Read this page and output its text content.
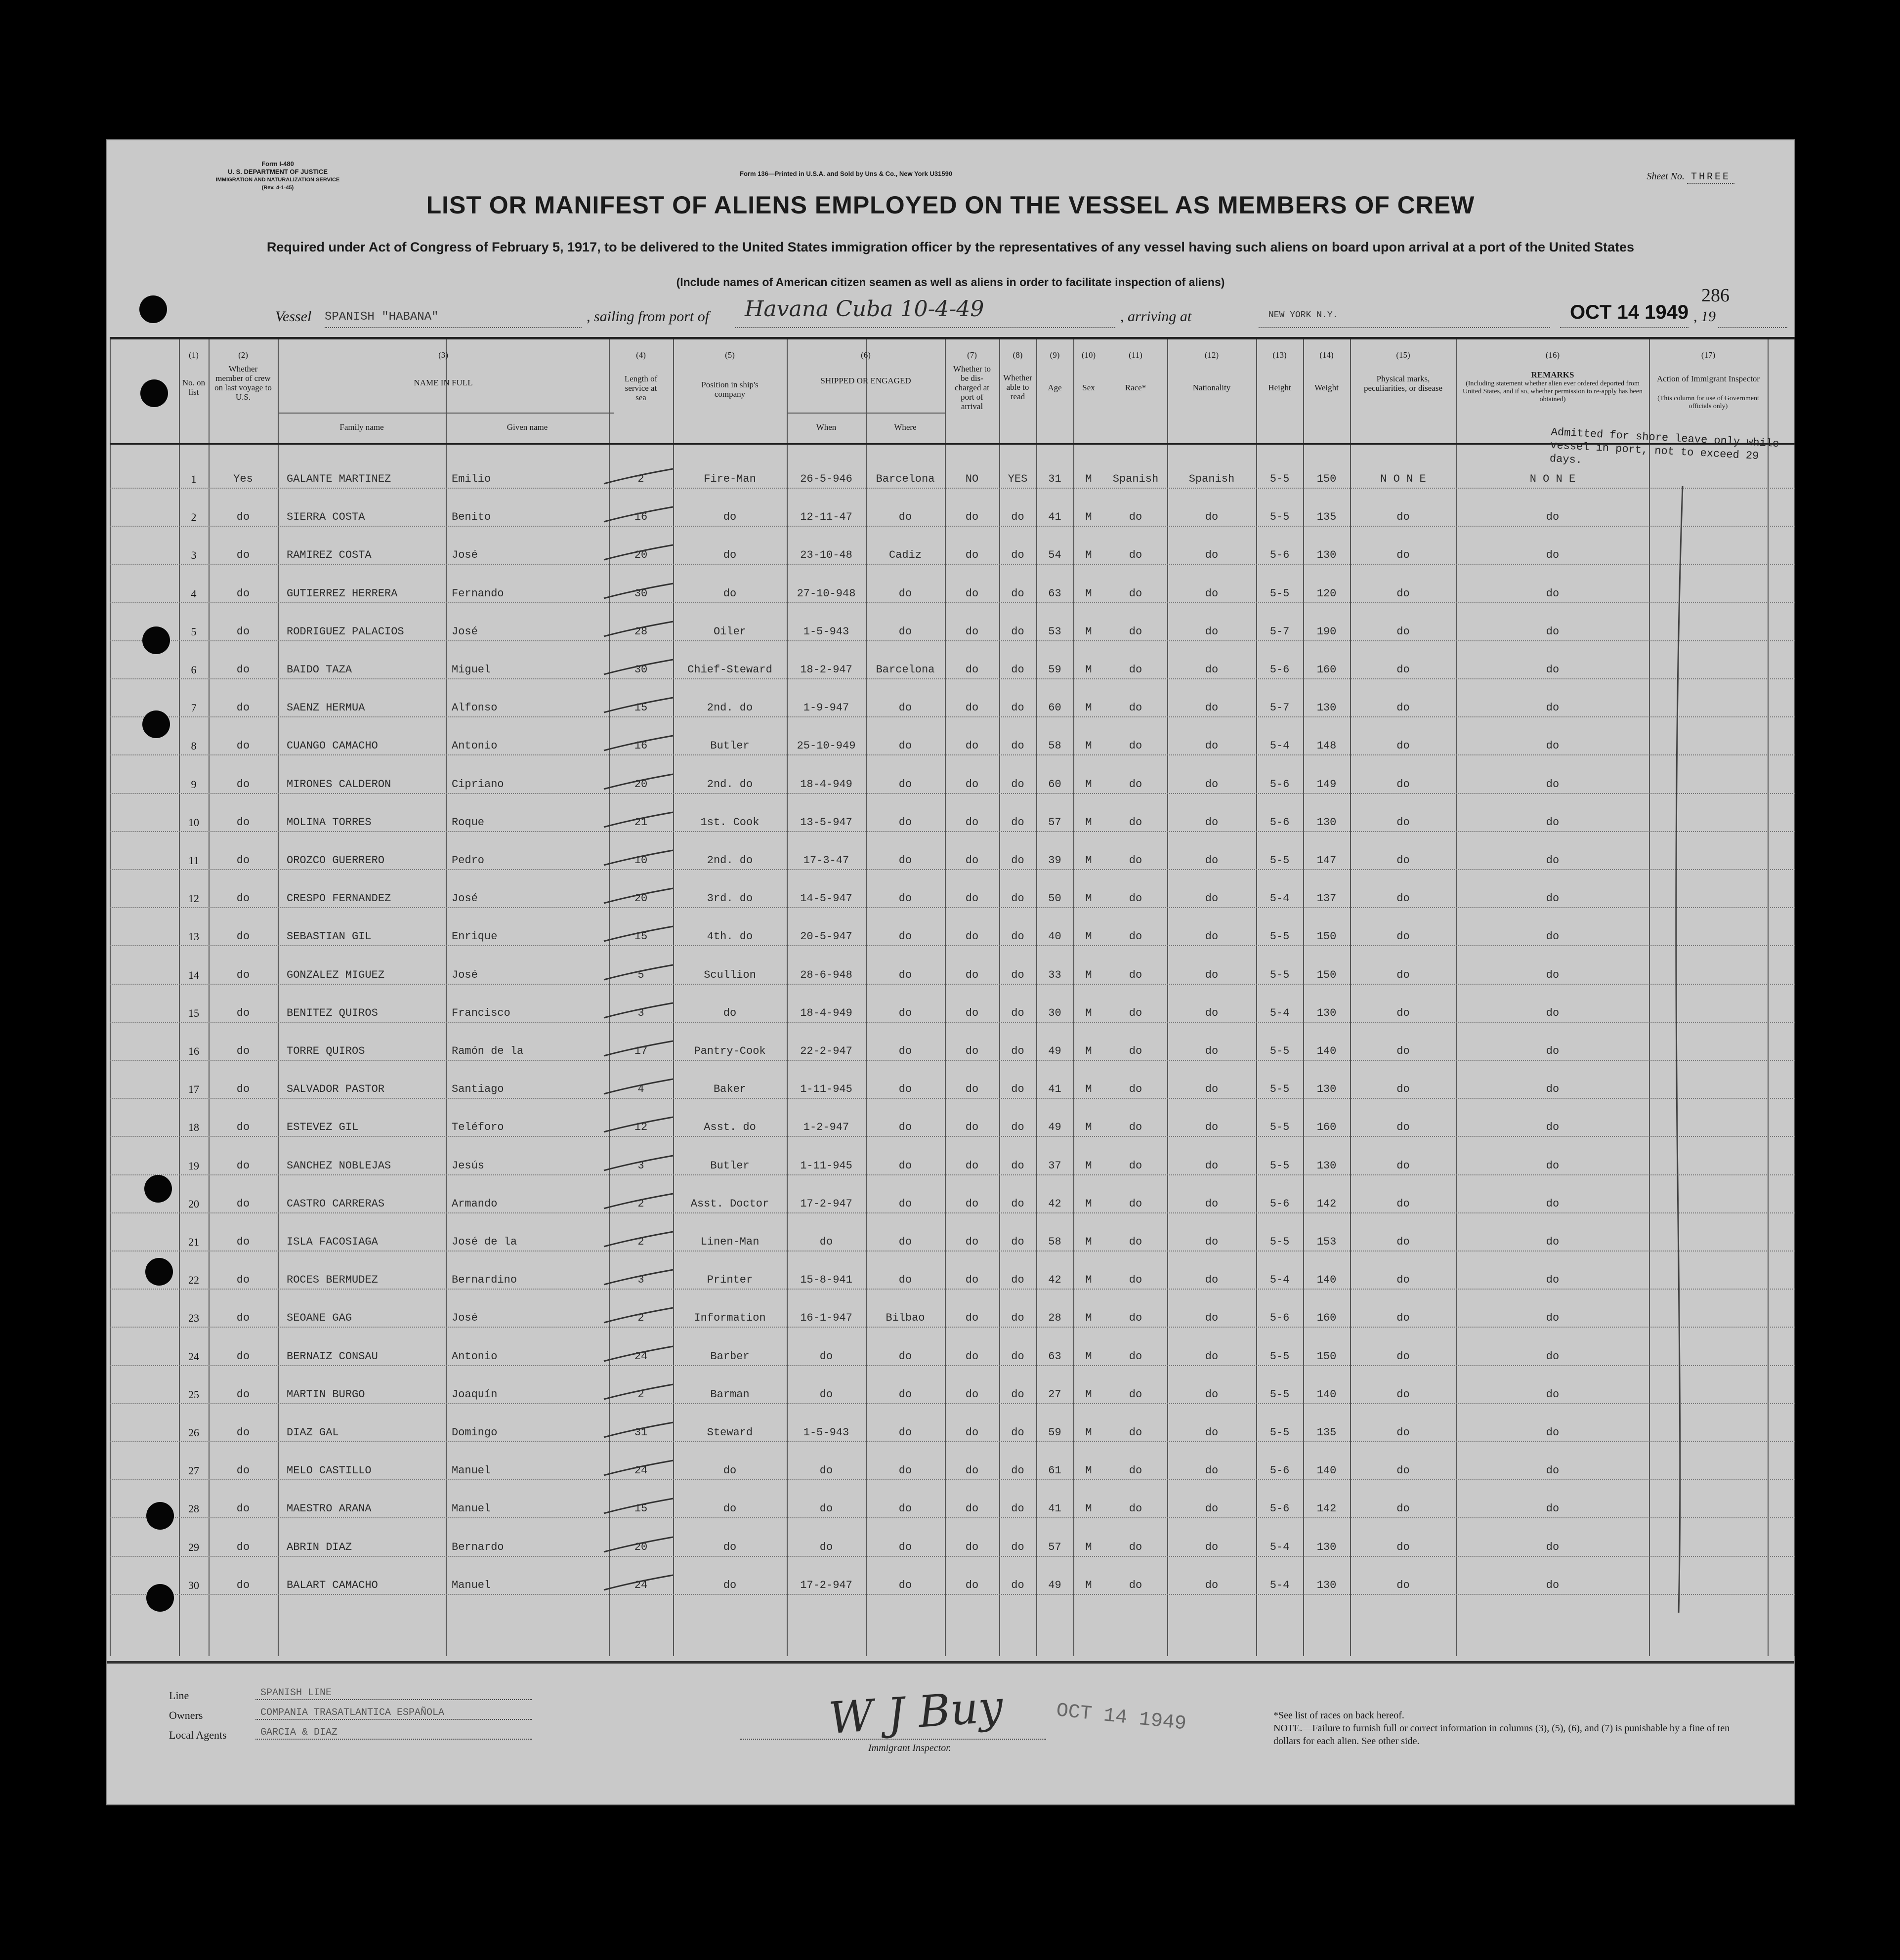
Form I-480
U. S. DEPARTMENT OF JUSTICE
IMMIGRATION AND NATURALIZATION SERVICE
(Rev. 4-1-45)
Form 136—Printed in U.S.A. and Sold by Uns & Co., New York U31590	Sheet No. THREE
LIST OR MANIFEST OF ALIENS EMPLOYED ON THE VESSEL AS MEMBERS OF CREW
Required under Act of Congress of February 5, 1917, to be delivered to the United States immigration officer by the representatives of any vessel having such aliens on board upon arrival at a port of the United States
(Include names of American citizen seamen as well as aliens in order to facilitate inspection of aliens)
286
Vessel SPANISH "HABANA"	, sailing from port of Havana Cuba 10-4-49	, arriving at	NEW YORK N.Y.	OCT 14 1949 , 19
(1)
No. on list
(2)
Whether member of crew on last voyage to U.S.
(3)
NAME IN FULL
Family name	Given name
(4)
Length of service at sea
(5)
Position in ship's company
(6)
SHIPPED OR ENGAGED
When	Where
(7)
Whether to be dis- charged at port of arrival
(8)
Whether able to read
(9)
Age
(10)
Sex
(11)
Race*
(12)
Nationality
(13)
Height
(14)
Weight
(15)
Physical marks, peculiarities, or disease
(16)
REMARKS
(Including statement whether alien ever ordered deported from United States, and if so, whether permission to re-apply has been obtained)
(17)
Action of Immigrant Inspector
(This column for use of Government officials only)
1	Yes	GALANTE MARTINEZ	Emilio	2	Fire-Man	26-5-946	Barcelona	NO	YES	31	M	Spanish	Spanish	5-5	150	N O N E	N O N E
2	do	SIERRA COSTA	Benito	16	do	12-11-47	do	do	do	41	M	do	do	5-5	135	do	do
3	do	RAMIREZ COSTA	José	20	do	23-10-48	Cadiz	do	do	54	M	do	do	5-6	130	do	do
4	do	GUTIERREZ HERRERA	Fernando	30	do	27-10-948	do	do	do	63	M	do	do	5-5	120	do	do
5	do	RODRIGUEZ PALACIOS	José	28	Oiler	1-5-943	do	do	do	53	M	do	do	5-7	190	do	do
6	do	BAIDO TAZA	Miguel	30	Chief-Steward	18-2-947	Barcelona	do	do	59	M	do	do	5-6	160	do	do
7	do	SAENZ HERMUA	Alfonso	15	2nd. do	1-9-947	do	do	do	60	M	do	do	5-7	130	do	do
8	do	CUANGO CAMACHO	Antonio	16	Butler	25-10-949	do	do	do	58	M	do	do	5-4	148	do	do
9	do	MIRONES CALDERON	Cipriano	20	2nd. do	18-4-949	do	do	do	60	M	do	do	5-6	149	do	do
10	do	MOLINA TORRES	Roque	21	1st. Cook	13-5-947	do	do	do	57	M	do	do	5-6	130	do	do
11	do	OROZCO GUERRERO	Pedro	10	2nd. do	17-3-47	do	do	do	39	M	do	do	5-5	147	do	do
12	do	CRESPO FERNANDEZ	José	20	3rd. do	14-5-947	do	do	do	50	M	do	do	5-4	137	do	do
13	do	SEBASTIAN GIL	Enrique	15	4th. do	20-5-947	do	do	do	40	M	do	do	5-5	150	do	do
14	do	GONZALEZ MIGUEZ	José	5	Scullion	28-6-948	do	do	do	33	M	do	do	5-5	150	do	do
15	do	BENITEZ QUIROS	Francisco	3	do	18-4-949	do	do	do	30	M	do	do	5-4	130	do	do
16	do	TORRE QUIROS	Ramón de la	17	Pantry-Cook	22-2-947	do	do	do	49	M	do	do	5-5	140	do	do
17	do	SALVADOR PASTOR	Santiago	4	Baker	1-11-945	do	do	do	41	M	do	do	5-5	130	do	do
18	do	ESTEVEZ GIL	Teléforo	12	Asst. do	1-2-947	do	do	do	49	M	do	do	5-5	160	do	do
19	do	SANCHEZ NOBLEJAS	Jesús	3	Butler	1-11-945	do	do	do	37	M	do	do	5-5	130	do	do
20	do	CASTRO CARRERAS	Armando	2	Asst. Doctor	17-2-947	do	do	do	42	M	do	do	5-6	142	do	do
21	do	ISLA FACOSIAGA	José de la	2	Linen-Man	do	do	do	do	58	M	do	do	5-5	153	do	do
22	do	ROCES BERMUDEZ	Bernardino	3	Printer	15-8-941	do	do	do	42	M	do	do	5-4	140	do	do
23	do	SEOANE GAG	José	2	Information	16-1-947	Bilbao	do	do	28	M	do	do	5-6	160	do	do
24	do	BERNAIZ CONSAU	Antonio	24	Barber	do	do	do	do	63	M	do	do	5-5	150	do	do
25	do	MARTIN BURGO	Joaquín	2	Barman	do	do	do	do	27	M	do	do	5-5	140	do	do
26	do	DIAZ GAL	Domingo	31	Steward	1-5-943	do	do	do	59	M	do	do	5-5	135	do	do
27	do	MELO CASTILLO	Manuel	24	do	do	do	do	do	61	M	do	do	5-6	140	do	do
28	do	MAESTRO ARANA	Manuel	15	do	do	do	do	do	41	M	do	do	5-6	142	do	do
29	do	ABRIN DIAZ	Bernardo	20	do	do	do	do	do	57	M	do	do	5-4	130	do	do
30	do	BALART CAMACHO	Manuel	24	do	17-2-947	do	do	do	49	M	do	do	5-4	130	do	do
Admitted for shore leave only while vessel in port, not to exceed 29 days.
Line	SPANISH LINE
Owners	COMPANIA TRASATLANTICA ESPAÑOLA
Local Agents	GARCIA & DIAZ	W J Buy
Immigrant Inspector.
OCT 14 1949	*See list of races on back hereof.
NOTE.—Failure to furnish full or correct information in columns (3), (5), (6), and (7) is punishable by a fine of ten dollars for each alien. See other side.
